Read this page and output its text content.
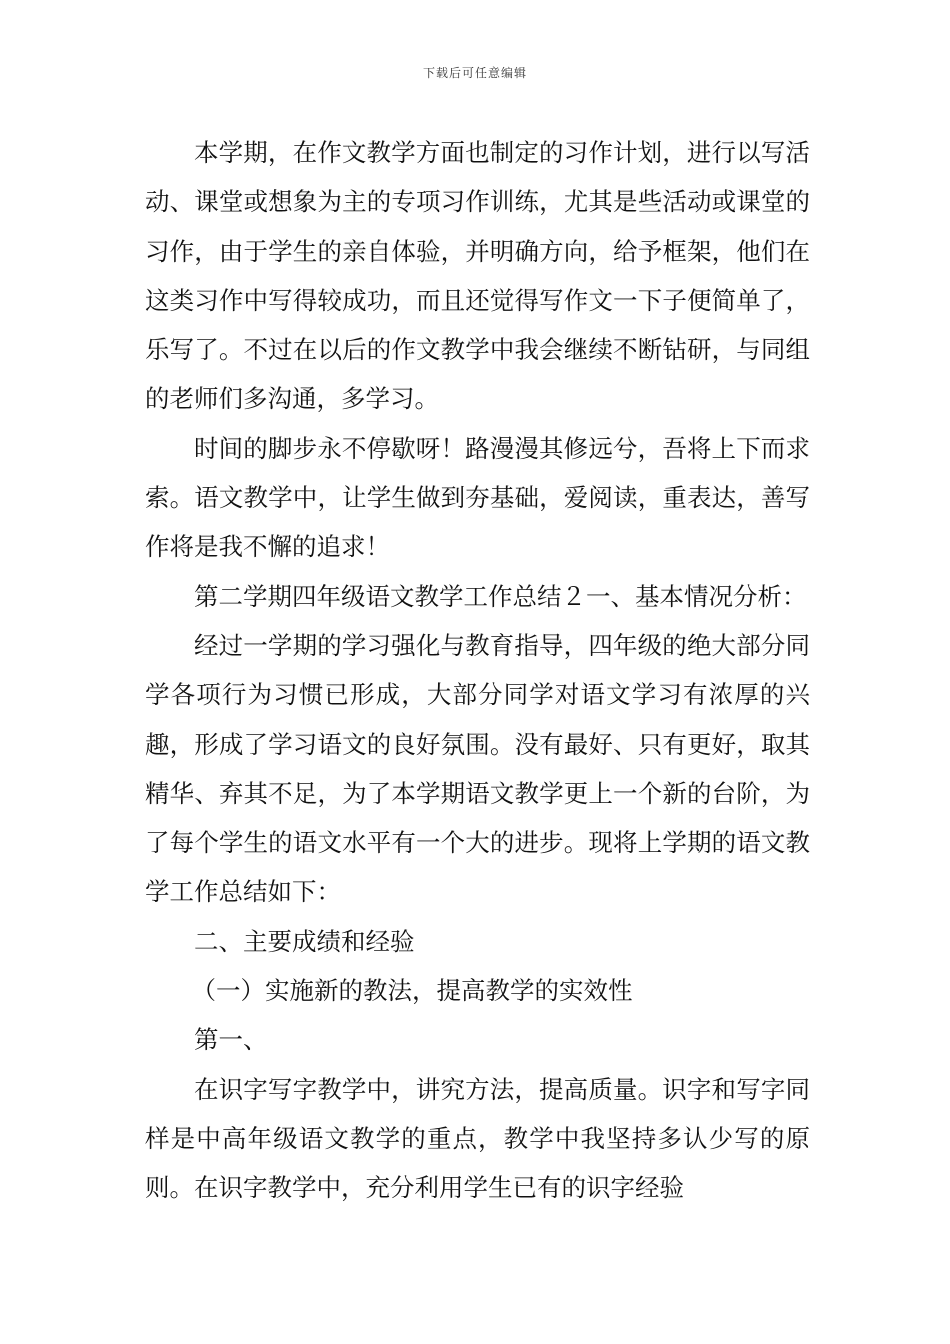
下载后可任意编辑

本学期，在作文教学方面也制定的习作计划，进行以写活动、课堂或想象为主的专项习作训练，尤其是些活动或课堂的习作，由于学生的亲自体验，并明确方向，给予框架，他们在这类习作中写得较成功，而且还觉得写作文一下子便简单了，乐写了。不过在以后的作文教学中我会继续不断钻研，与同组的老师们多沟通，多学习。

时间的脚步永不停歇呀！路漫漫其修远兮，吾将上下而求索。语文教学中，让学生做到夯基础，爱阅读，重表达，善写作将是我不懈的追求！

第二学期四年级语文教学工作总结２一、基本情况分析：

经过一学期的学习强化与教育指导，四年级的绝大部分同学各项行为习惯已形成，大部分同学对语文学习有浓厚的兴趣，形成了学习语文的良好氛围。没有最好、只有更好，取其精华、弃其不足，为了本学期语文教学更上一个新的台阶，为了每个学生的语文水平有一个大的进步。现将上学期的语文教学工作总结如下：

二、主要成绩和经验

（一）实施新的教法，提高教学的实效性

第一、

在识字写字教学中，讲究方法，提高质量。识字和写字同样是中高年级语文教学的重点，教学中我坚持多认少写的原则。在识字教学中，充分利用学生已有的识字经验
